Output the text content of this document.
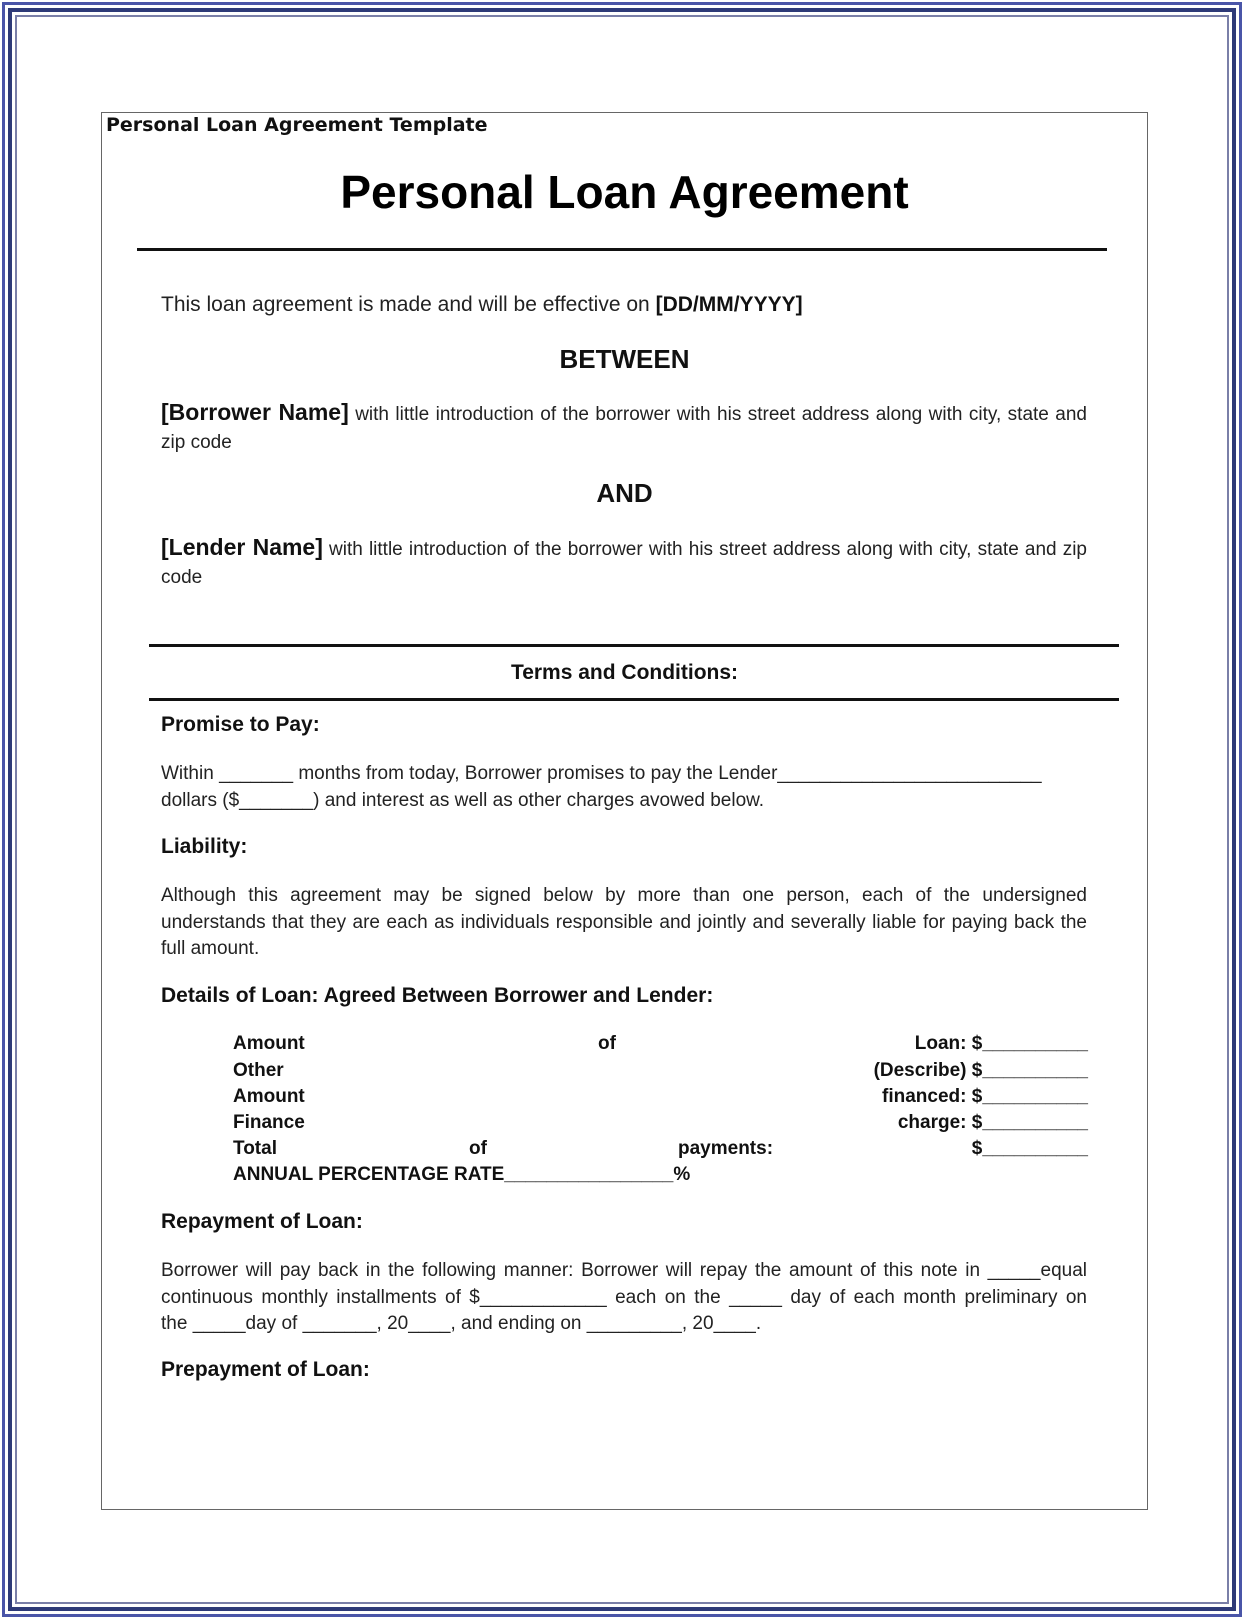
Personal Loan Agreement Template

Personal Loan Agreement

This loan agreement is made and will be effective on [DD/MM/YYYY]

BETWEEN

[Borrower Name] with little introduction of the borrower with his street address along with city, state and zip code

AND

[Lender Name] with little introduction of the borrower with his street address along with city, state and zip code

Terms and Conditions:

Promise to Pay:

Within _______ months from today, Borrower promises to pay the Lender_________________________ dollars ($_______) and interest as well as other charges avowed below.

Liability:

Although this agreement may be signed below by more than one person, each of the undersigned understands that they are each as individuals responsible and jointly and severally liable for paying back the full amount.

Details of Loan: Agreed Between Borrower and Lender:

Amount	of	Loan: $__________
Other	(Describe) $__________
Amount	financed: $__________
Finance	charge: $__________
Total	of	payments:	$__________
ANNUAL PERCENTAGE RATE________________%

Repayment of Loan:

Borrower will pay back in the following manner: Borrower will repay the amount of this note in _____equal continuous monthly installments of $____________ each on the _____ day of each month preliminary on

the _____day of _______, 20____, and ending on _________, 20____.

Prepayment of Loan:
